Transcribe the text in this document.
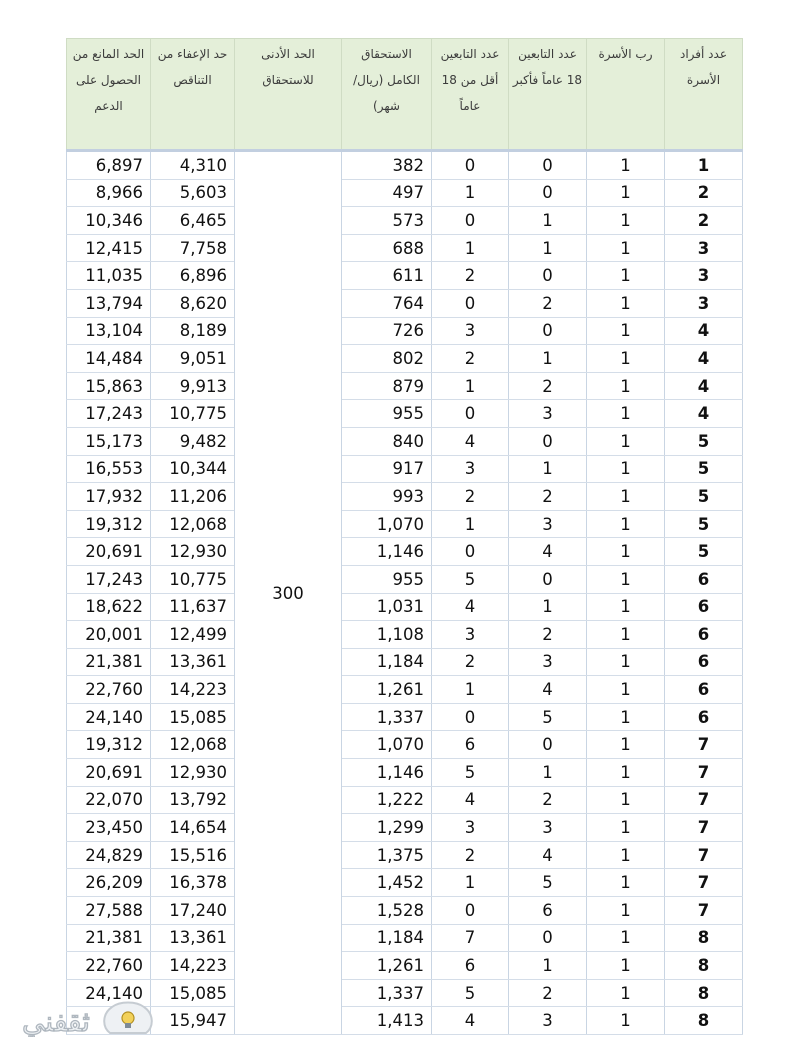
الحد المانع من الحصول على الدعم	حد الإعفاء من التناقص	الحد الأدنى للاستحقاق	الاستحقاق الكامل (ريال/شهر)	عدد التابعين أقل من 18 عاماً	عدد التابعين 18 عاماً فأكبر	رب الأسرة	عدد أفراد الأسرة
6,897	4,310	300	382	0	0	1	1
8,966	5,603		497	1	0	1	2
10,346	6,465		573	0	1	1	2
12,415	7,758		688	1	1	1	3
11,035	6,896		611	2	0	1	3
13,794	8,620		764	0	2	1	3
13,104	8,189		726	3	0	1	4
14,484	9,051		802	2	1	1	4
15,863	9,913		879	1	2	1	4
17,243	10,775		955	0	3	1	4
15,173	9,482		840	4	0	1	5
16,553	10,344		917	3	1	1	5
17,932	11,206		993	2	2	1	5
19,312	12,068		1,070	1	3	1	5
20,691	12,930		1,146	0	4	1	5
17,243	10,775		955	5	0	1	6
18,622	11,637		1,031	4	1	1	6
20,001	12,499		1,108	3	2	1	6
21,381	13,361		1,184	2	3	1	6
22,760	14,223		1,261	1	4	1	6
24,140	15,085		1,337	0	5	1	6
19,312	12,068		1,070	6	0	1	7
20,691	12,930		1,146	5	1	1	7
22,070	13,792		1,222	4	2	1	7
23,450	14,654		1,299	3	3	1	7
24,829	15,516		1,375	2	4	1	7
26,209	16,378		1,452	1	5	1	7
27,588	17,240		1,528	0	6	1	7
21,381	13,361		1,184	7	0	1	8
22,760	14,223		1,261	6	1	1	8
24,140	15,085		1,337	5	2	1	8
	15,947		1,413	4	3	1	8
ثقفني
